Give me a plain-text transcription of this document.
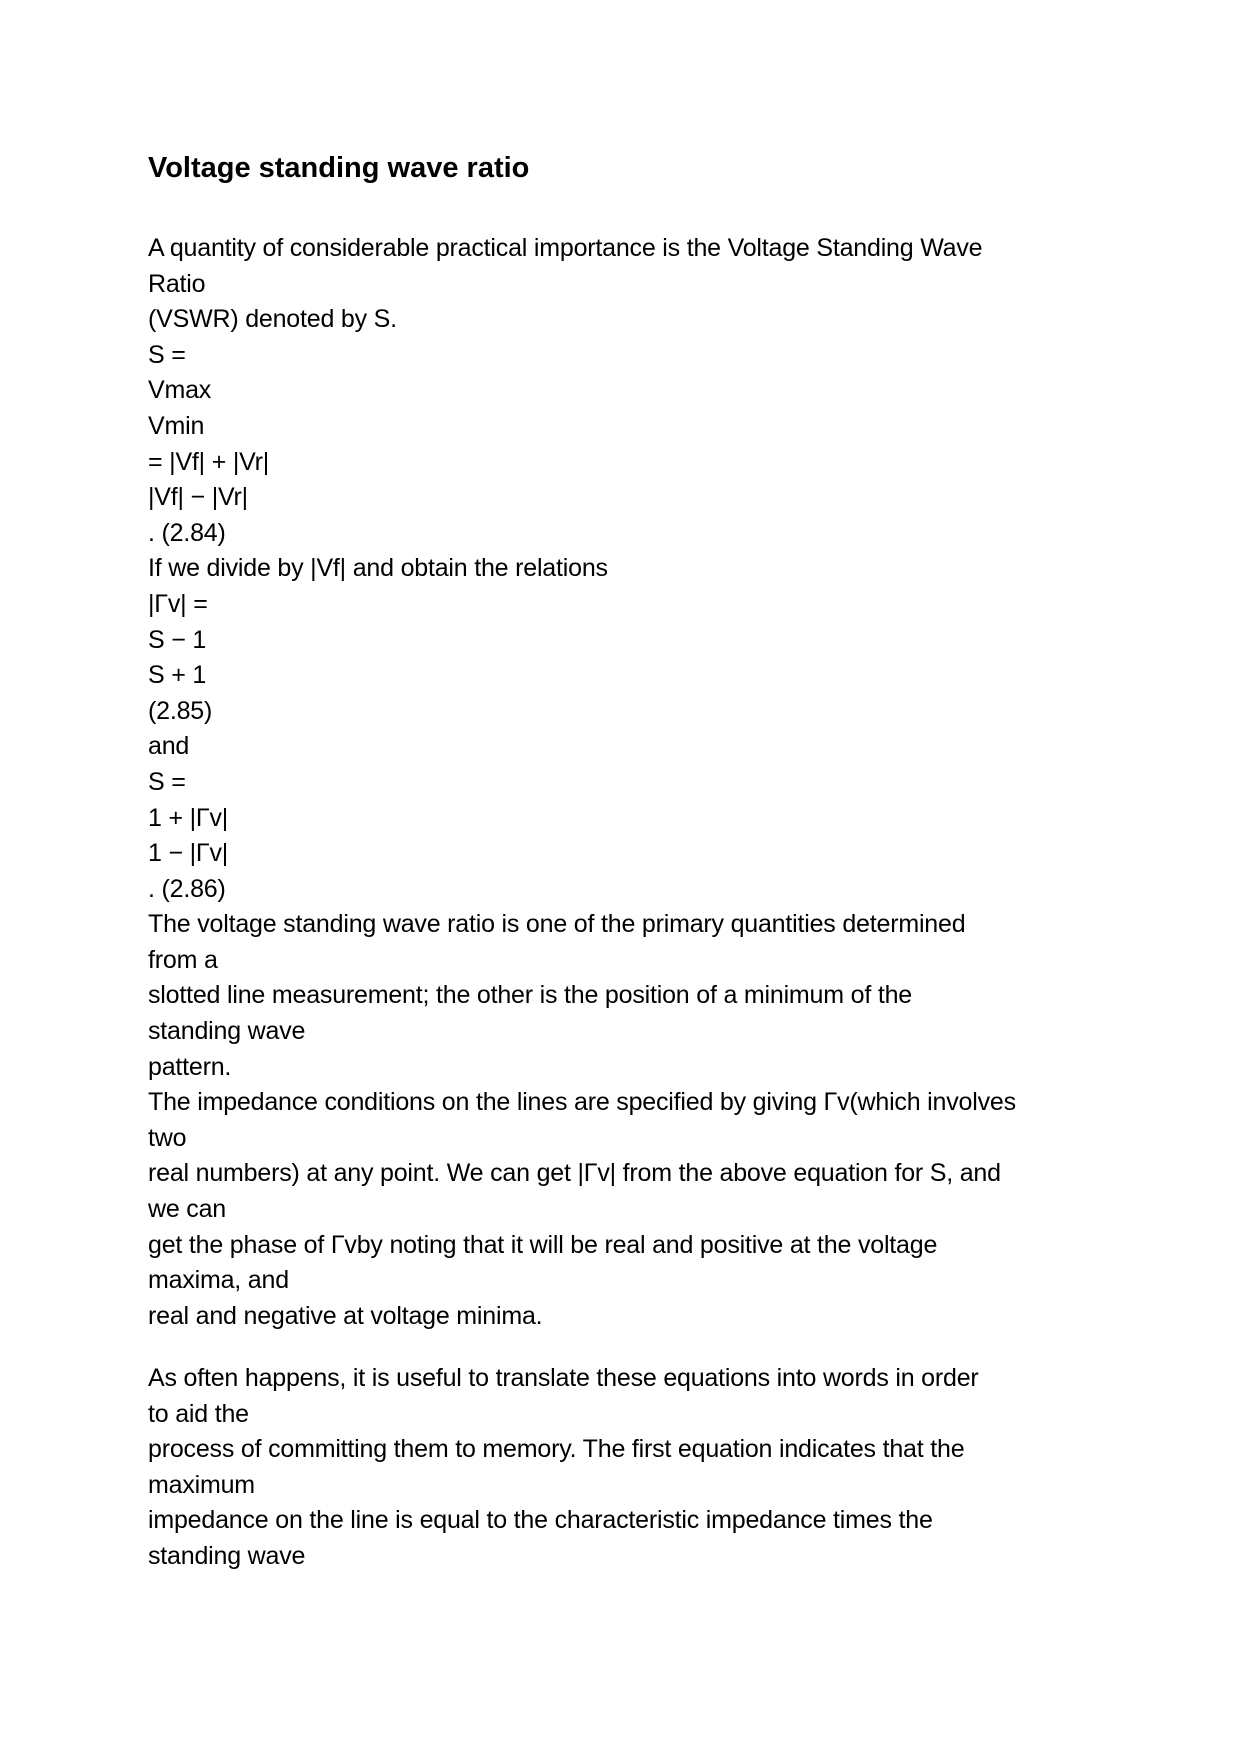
Voltage standing wave ratio
A quantity of considerable practical importance is the Voltage Standing Wave
Ratio
(VSWR) denoted by S.
S =
Vmax
Vmin
= |Vf| + |Vr|
|Vf| − |Vr|
. (2.84)
If we divide by |Vf| and obtain the relations
|Γv| =
S − 1
S + 1
(2.85)
and
S =
1 + |Γv|
1 − |Γv|
. (2.86)
The voltage standing wave ratio is one of the primary quantities determined
from a
slotted line measurement; the other is the position of a minimum of the
standing wave
pattern.
The impedance conditions on the lines are specified by giving Γv(which involves
two
real numbers) at any point. We can get |Γv| from the above equation for S, and
we can
get the phase of Γvby noting that it will be real and positive at the voltage
maxima, and
real and negative at voltage minima.
As often happens, it is useful to translate these equations into words in order
to aid the
process of committing them to memory. The first equation indicates that the
maximum
impedance on the line is equal to the characteristic impedance times the
standing wave
